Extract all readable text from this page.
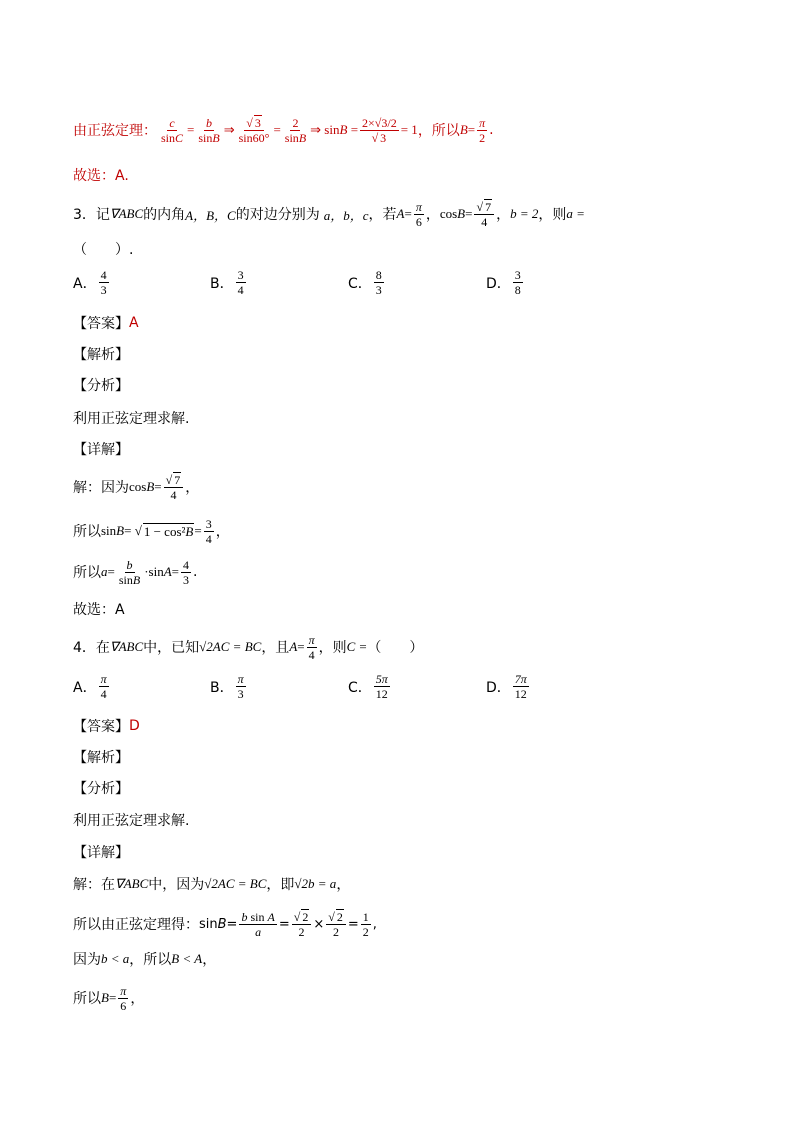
由正弦定理： $\frac{c}{\sin C} = \frac{b}{\sin B}$ ⇒ $\frac{√ 3}{\sin 60^\circ} = \frac{2}{\sin B}$ ⇒ $\sin B = \frac{2\times√3/2}{√ 3} = 1$ ，所以 $B = \frac{\pi}{2}$ .
故选：A.
3．记 ∇ABC 的内角 A，B，C 的对边分别为 a，b，c ，若 $A = \frac{\pi}{6}$ ， $\cos B = \frac{√ 7}{4}$ ， b = 2 ，则 a =
（　　）.
A． $\frac{4}{3}$	B． $\frac{3}{4}$	C． $\frac{8}{3}$	D． $\frac{3}{8}$
【答案】 A
【解析】
【分析】
利用正弦定理求解.
【详解】
解：因为 $\cos B = \frac{√ 7}{4}$ ，
所以 sin B = √ $1 - \cos^2B = \frac{3}{4}$ ，
所以 $a = \frac{b}{\sin B} \cdot\sin$ $A = \frac{4}{3}$ .
故选：A
4．在 ∇ABC 中，已知 √2AC = BC ，且 $A = \frac{\pi}{4}$ ，则 C = （　　）
A． $\frac{\pi}{4}$	B． $\frac{\pi}{3}$	C． $\frac{5\pi}{12}$	D． $\frac{7\pi}{12}$
【答案】 D
【解析】
【分析】
利用正弦定理求解.
【详解】
解：在 ∇ABC 中，因为 √2AC = BC ，即 √2b = a ，
所以由正弦定理得： $\sin B = \frac{\text{b sin A}}{a} = \frac{√ 2}{2} \times \frac{√ 2}{2} = \frac{1}{2}$ ,
因为 b < a ，所以 B < A ，
所以 $B = \frac{\pi}{6}$ ，
